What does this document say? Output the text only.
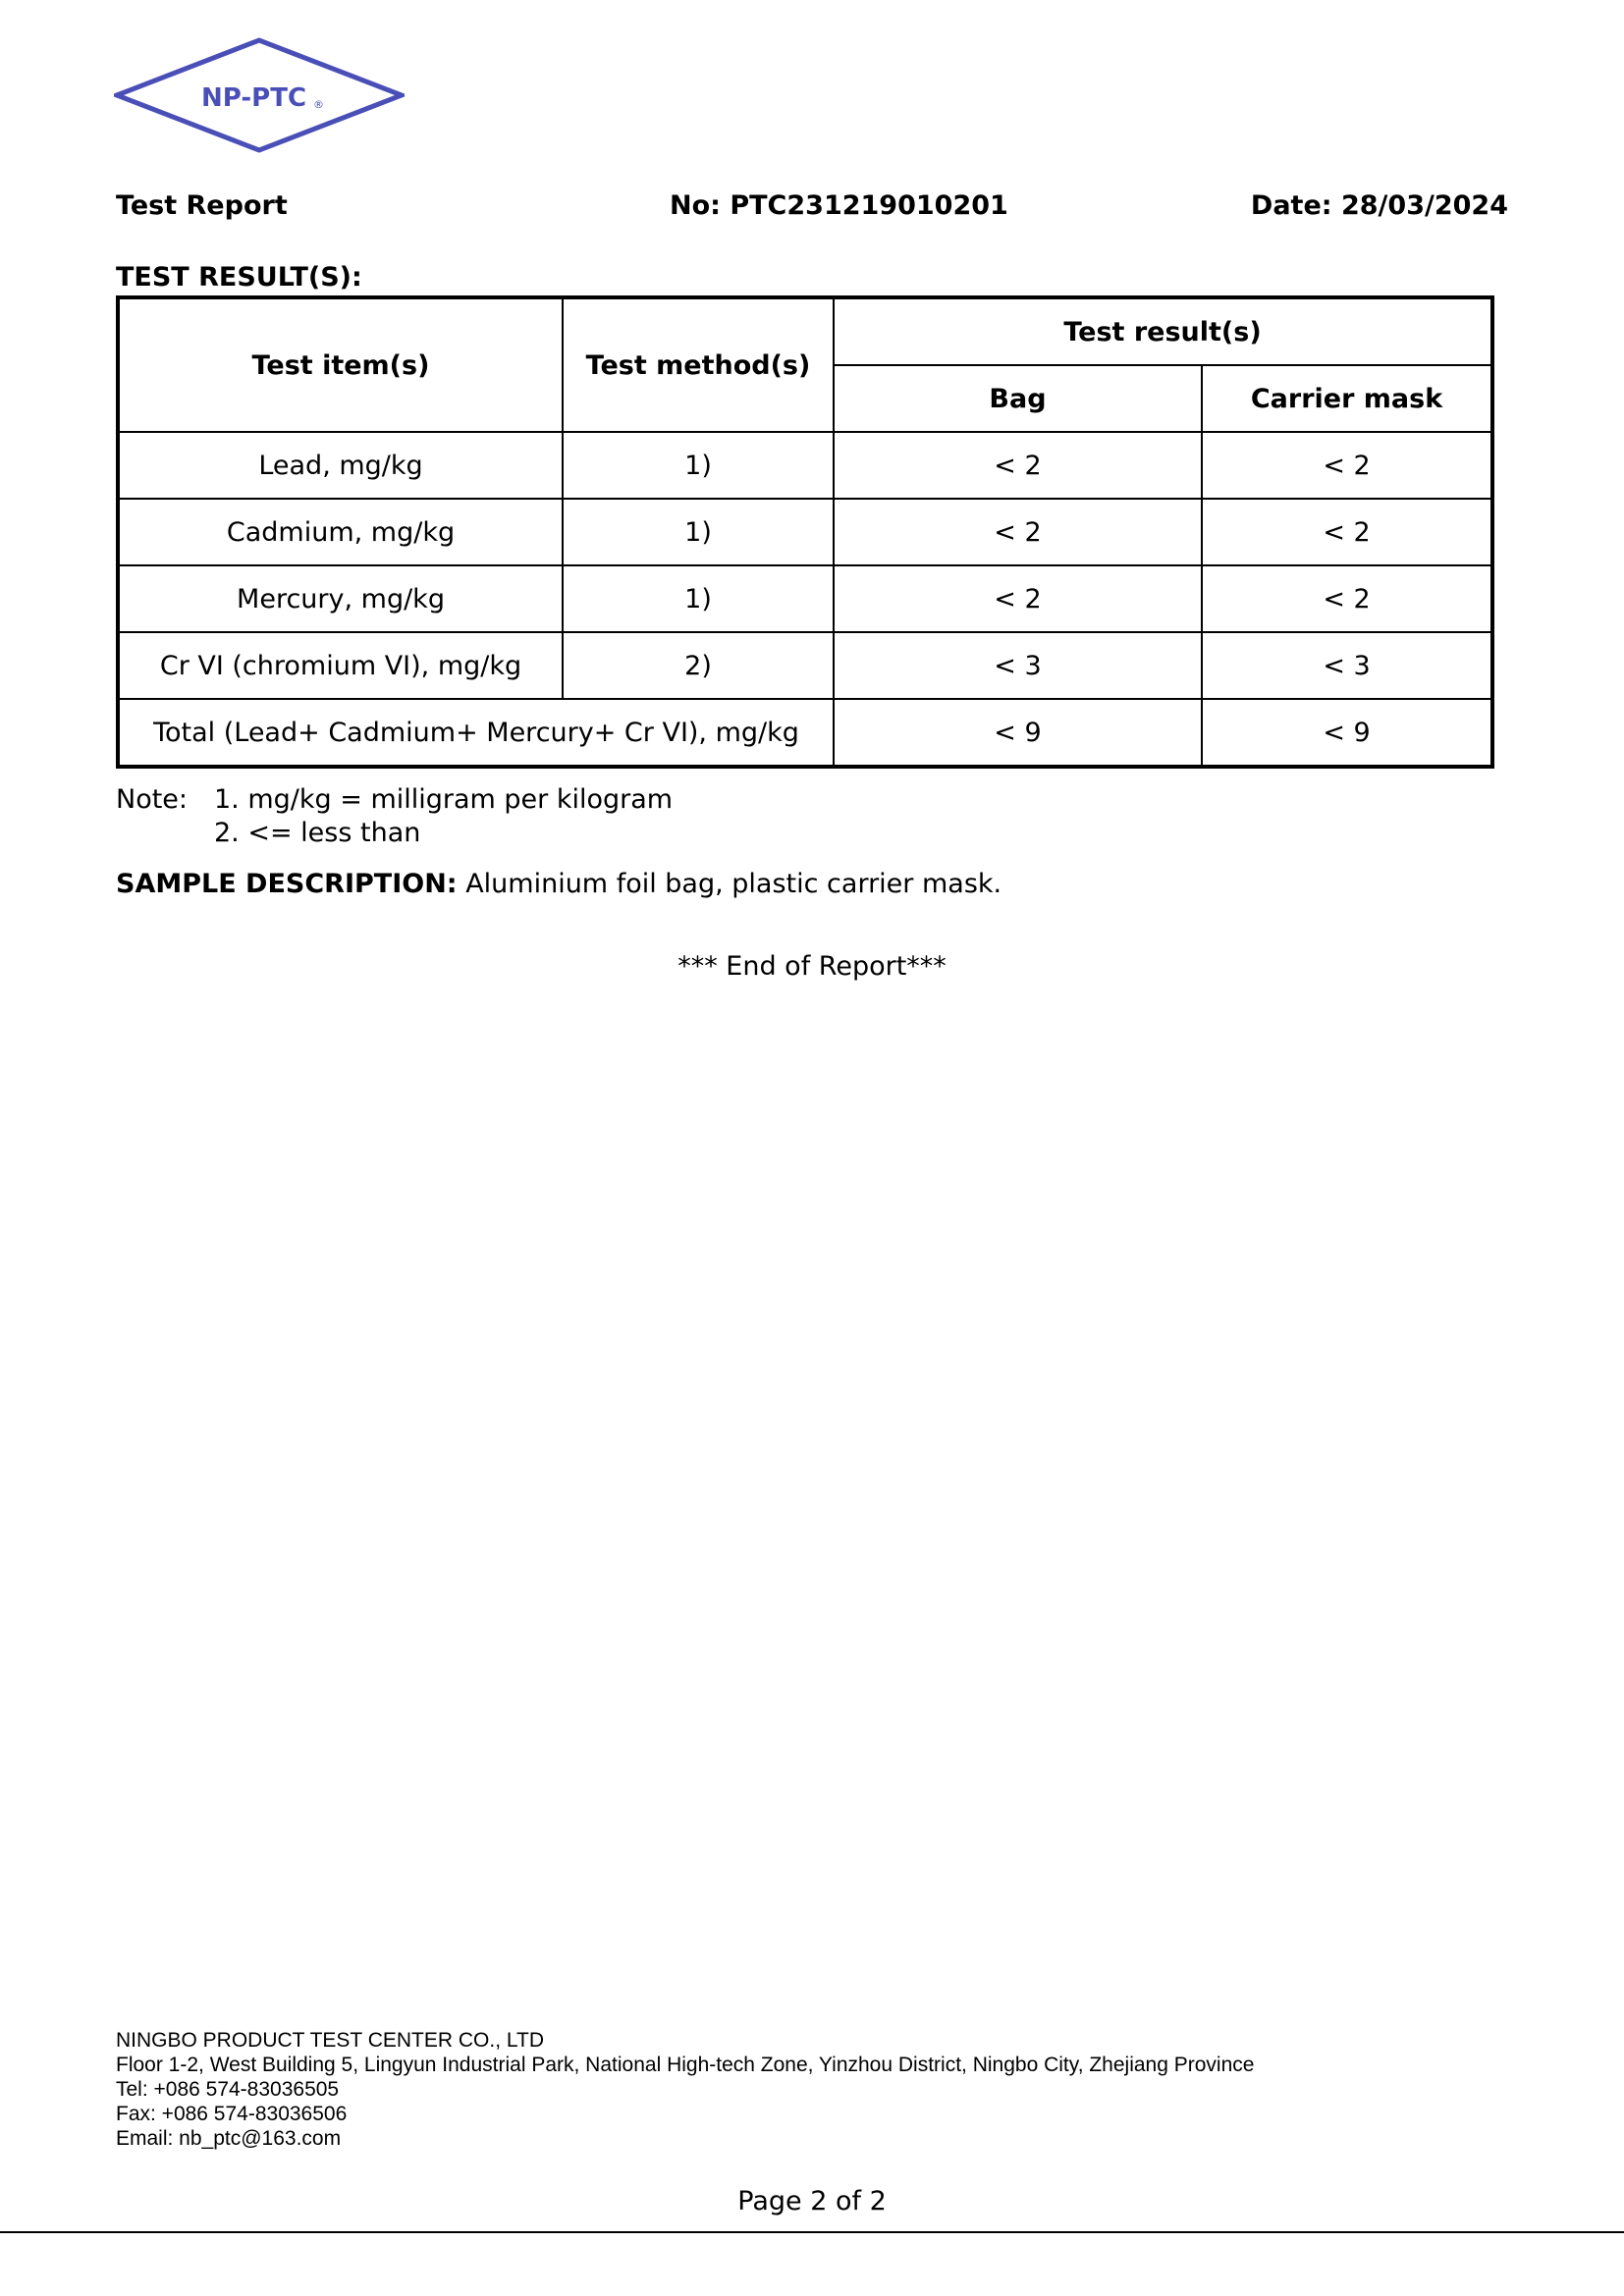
NP-PTC ®
Test Report	No: PTC231219010201	Date: 28/03/2024
TEST RESULT(S):
Test item(s)	Test method(s)	Test result(s)	
		Bag	Carrier mask
Lead, mg/kg	1)	< 2	< 2
Cadmium, mg/kg	1)	< 2	< 2
Mercury, mg/kg	1)	< 2	< 2
Cr VI (chromium VI), mg/kg	2)	< 3	< 3
Total (Lead+ Cadmium+ Mercury+ Cr VI), mg/kg		< 9	< 9
Note: 1. mg/kg = milligram per kilogram
2. <= less than
SAMPLE DESCRIPTION: Aluminium foil bag, plastic carrier mask.
*** End of Report***
NINGBO PRODUCT TEST CENTER CO., LTD
Floor 1-2, West Building 5, Lingyun Industrial Park, National High-tech Zone, Yinzhou District, Ningbo City, Zhejiang Province
Tel: +086 574-83036505
Fax: +086 574-83036506
Email: nb_ptc@163.com
Page 2 of 2
